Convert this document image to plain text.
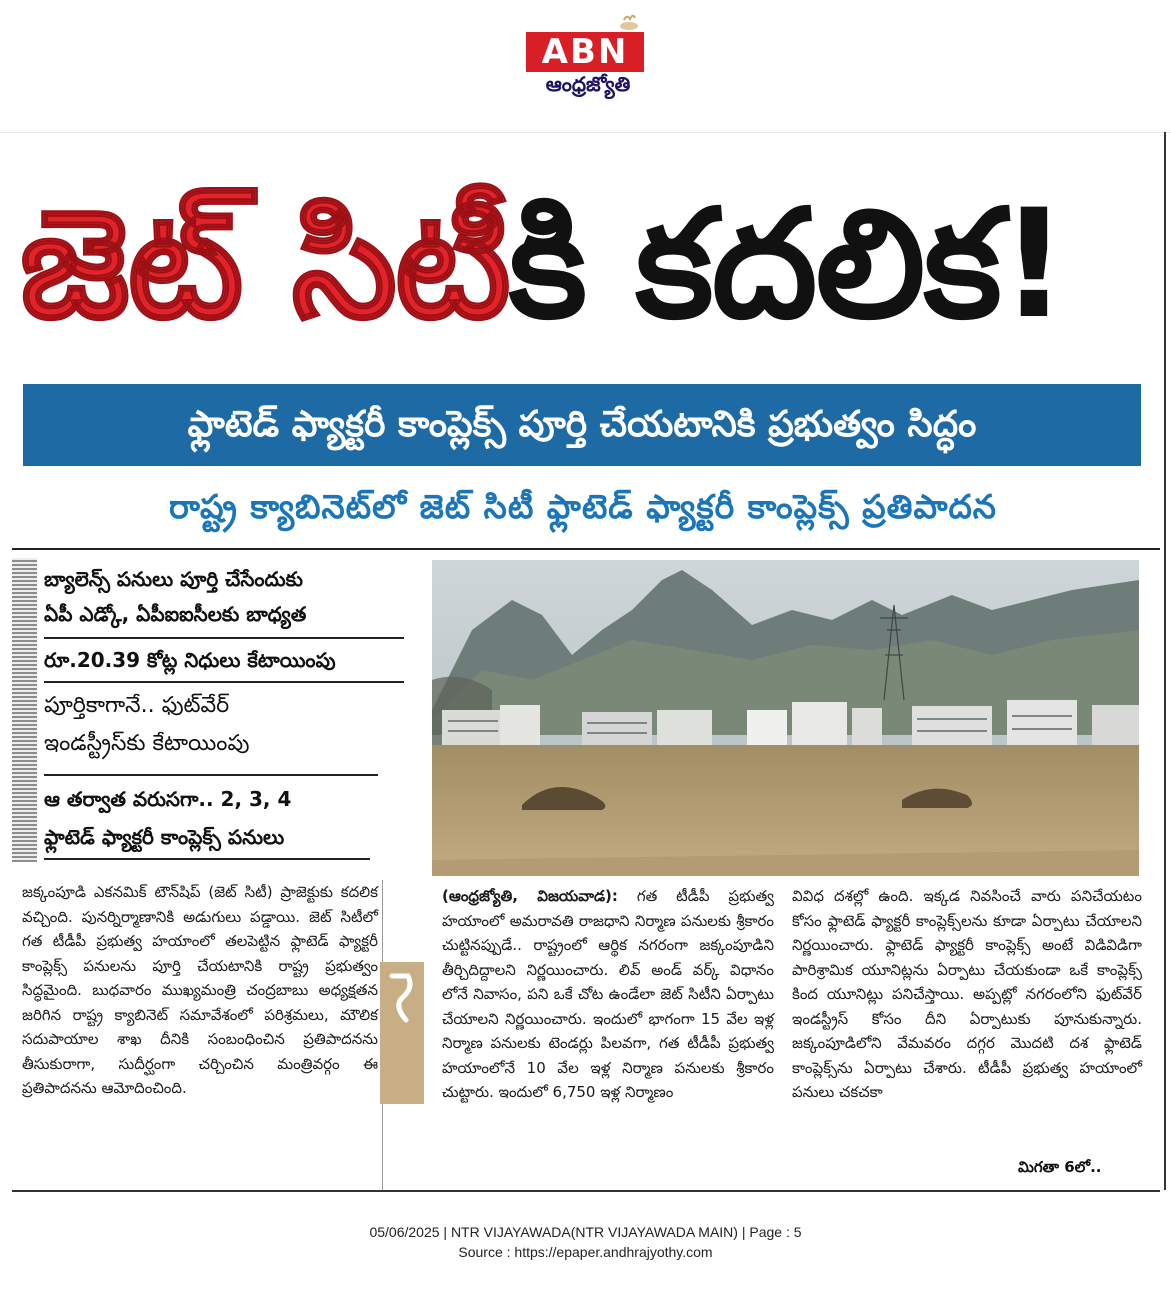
ABN
ఆంధ్రజ్యోతి
జెట్ సిటీకి కదలిక!
ఫ్లాటెడ్ ఫ్యాక్టరీ కాంప్లెక్స్ పూర్తి చేయటానికి ప్రభుత్వం సిద్ధం
రాష్ట్ర క్యాబినెట్‌లో జెట్ సిటీ ఫ్లాటెడ్ ఫ్యాక్టరీ కాంప్లెక్స్ ప్రతిపాదన
బ్యాలెన్స్ పనులు పూర్తి చేసేందుకు
ఏపీ ఎడ్కో, ఏపీఐఐసీలకు బాధ్యత
రూ.20.39 కోట్ల నిధులు కేటాయింపు
పూర్తికాగానే.. ఫుట్‌వేర్
ఇండస్ట్రీస్‌కు కేటాయింపు
ఆ తర్వాత వరుసగా.. 2, 3, 4
ఫ్లాటెడ్ ఫ్యాక్టరీ కాంప్లెక్స్ పనులు
జక్కంపూడి ఎకనమిక్ టౌన్‌షిప్ (జెట్ సిటీ) ప్రాజెక్టుకు కదలిక వచ్చింది. పునర్నిర్మాణానికి అడుగులు పడ్డాయి. జెట్ సిటీలో గత టీడీపీ ప్రభుత్వ హయాంలో తలపెట్టిన ఫ్లాటెడ్ ఫ్యాక్టరీ కాంప్లెక్స్ పనులను పూర్తి చేయటానికి రాష్ట్ర ప్రభుత్వం సిద్ధమైంది. బుధవారం ముఖ్యమంత్రి చంద్రబాబు అధ్యక్షతన జరిగిన రాష్ట్ర క్యాబినెట్ సమావేశంలో పరిశ్రమలు, మౌలిక సదుపాయాల శాఖ దీనికి సంబంధించిన ప్రతిపాదనను తీసుకురాగా, సుదీర్ఘంగా చర్చించిన మంత్రివర్గం ఈ ప్రతిపాదనను ఆమోదించింది.
(ఆంధ్రజ్యోతి, విజయవాడ): గత టీడీపీ ప్రభుత్వ హయాంలో అమరావతి రాజధాని నిర్మాణ పనులకు శ్రీకారం చుట్టినప్పుడే.. రాష్ట్రంలో ఆర్థిక నగరంగా జక్కంపూడిని తీర్చిదిద్దాలని నిర్ణయించారు. లివ్ అండ్ వర్క్ విధానం లోనే నివాసం, పని ఒకే చోట ఉండేలా జెట్ సిటీని ఏర్పాటు చేయాలని నిర్ణయించారు. ఇందులో భాగంగా 15 వేల ఇళ్ల నిర్మాణ పనులకు టెండర్లు పిలవగా, గత టీడీపీ ప్రభుత్వ హయాంలోనే 10 వేల ఇళ్ల నిర్మాణ పనులకు శ్రీకారం చుట్టారు. ఇందులో 6,750 ఇళ్ల నిర్మాణం
వివిధ దశల్లో ఉంది. ఇక్కడ నివసించే వారు పనిచేయటం కోసం ఫ్లాటెడ్ ఫ్యాక్టరీ కాంప్లెక్స్‌లను కూడా ఏర్పాటు చేయాలని నిర్ణయించారు. ఫ్లాటెడ్ ఫ్యాక్టరీ కాంప్లెక్స్ అంటే విడివిడిగా పారిశ్రామిక యూనిట్లను ఏర్పాటు చేయకుండా ఒకే కాంప్లెక్స్ కింద యూనిట్లు పనిచేస్తాయి. అప్పట్లో నగరంలోని ఫుట్‌వేర్ ఇండస్ట్రీస్ కోసం దీని ఏర్పాటుకు పూనుకున్నారు. జక్కంపూడిలోని వేమవరం దగ్గర మొదటి దశ ఫ్లాటెడ్ కాంప్లెక్స్‌ను ఏర్పాటు చేశారు. టీడీపీ ప్రభుత్వ హయాంలో పనులు చకచకా
మిగతా 6లో..
05/06/2025 | NTR VIJAYAWADA(NTR VIJAYAWADA MAIN) | Page : 5
Source : https://epaper.andhrajyothy.com
